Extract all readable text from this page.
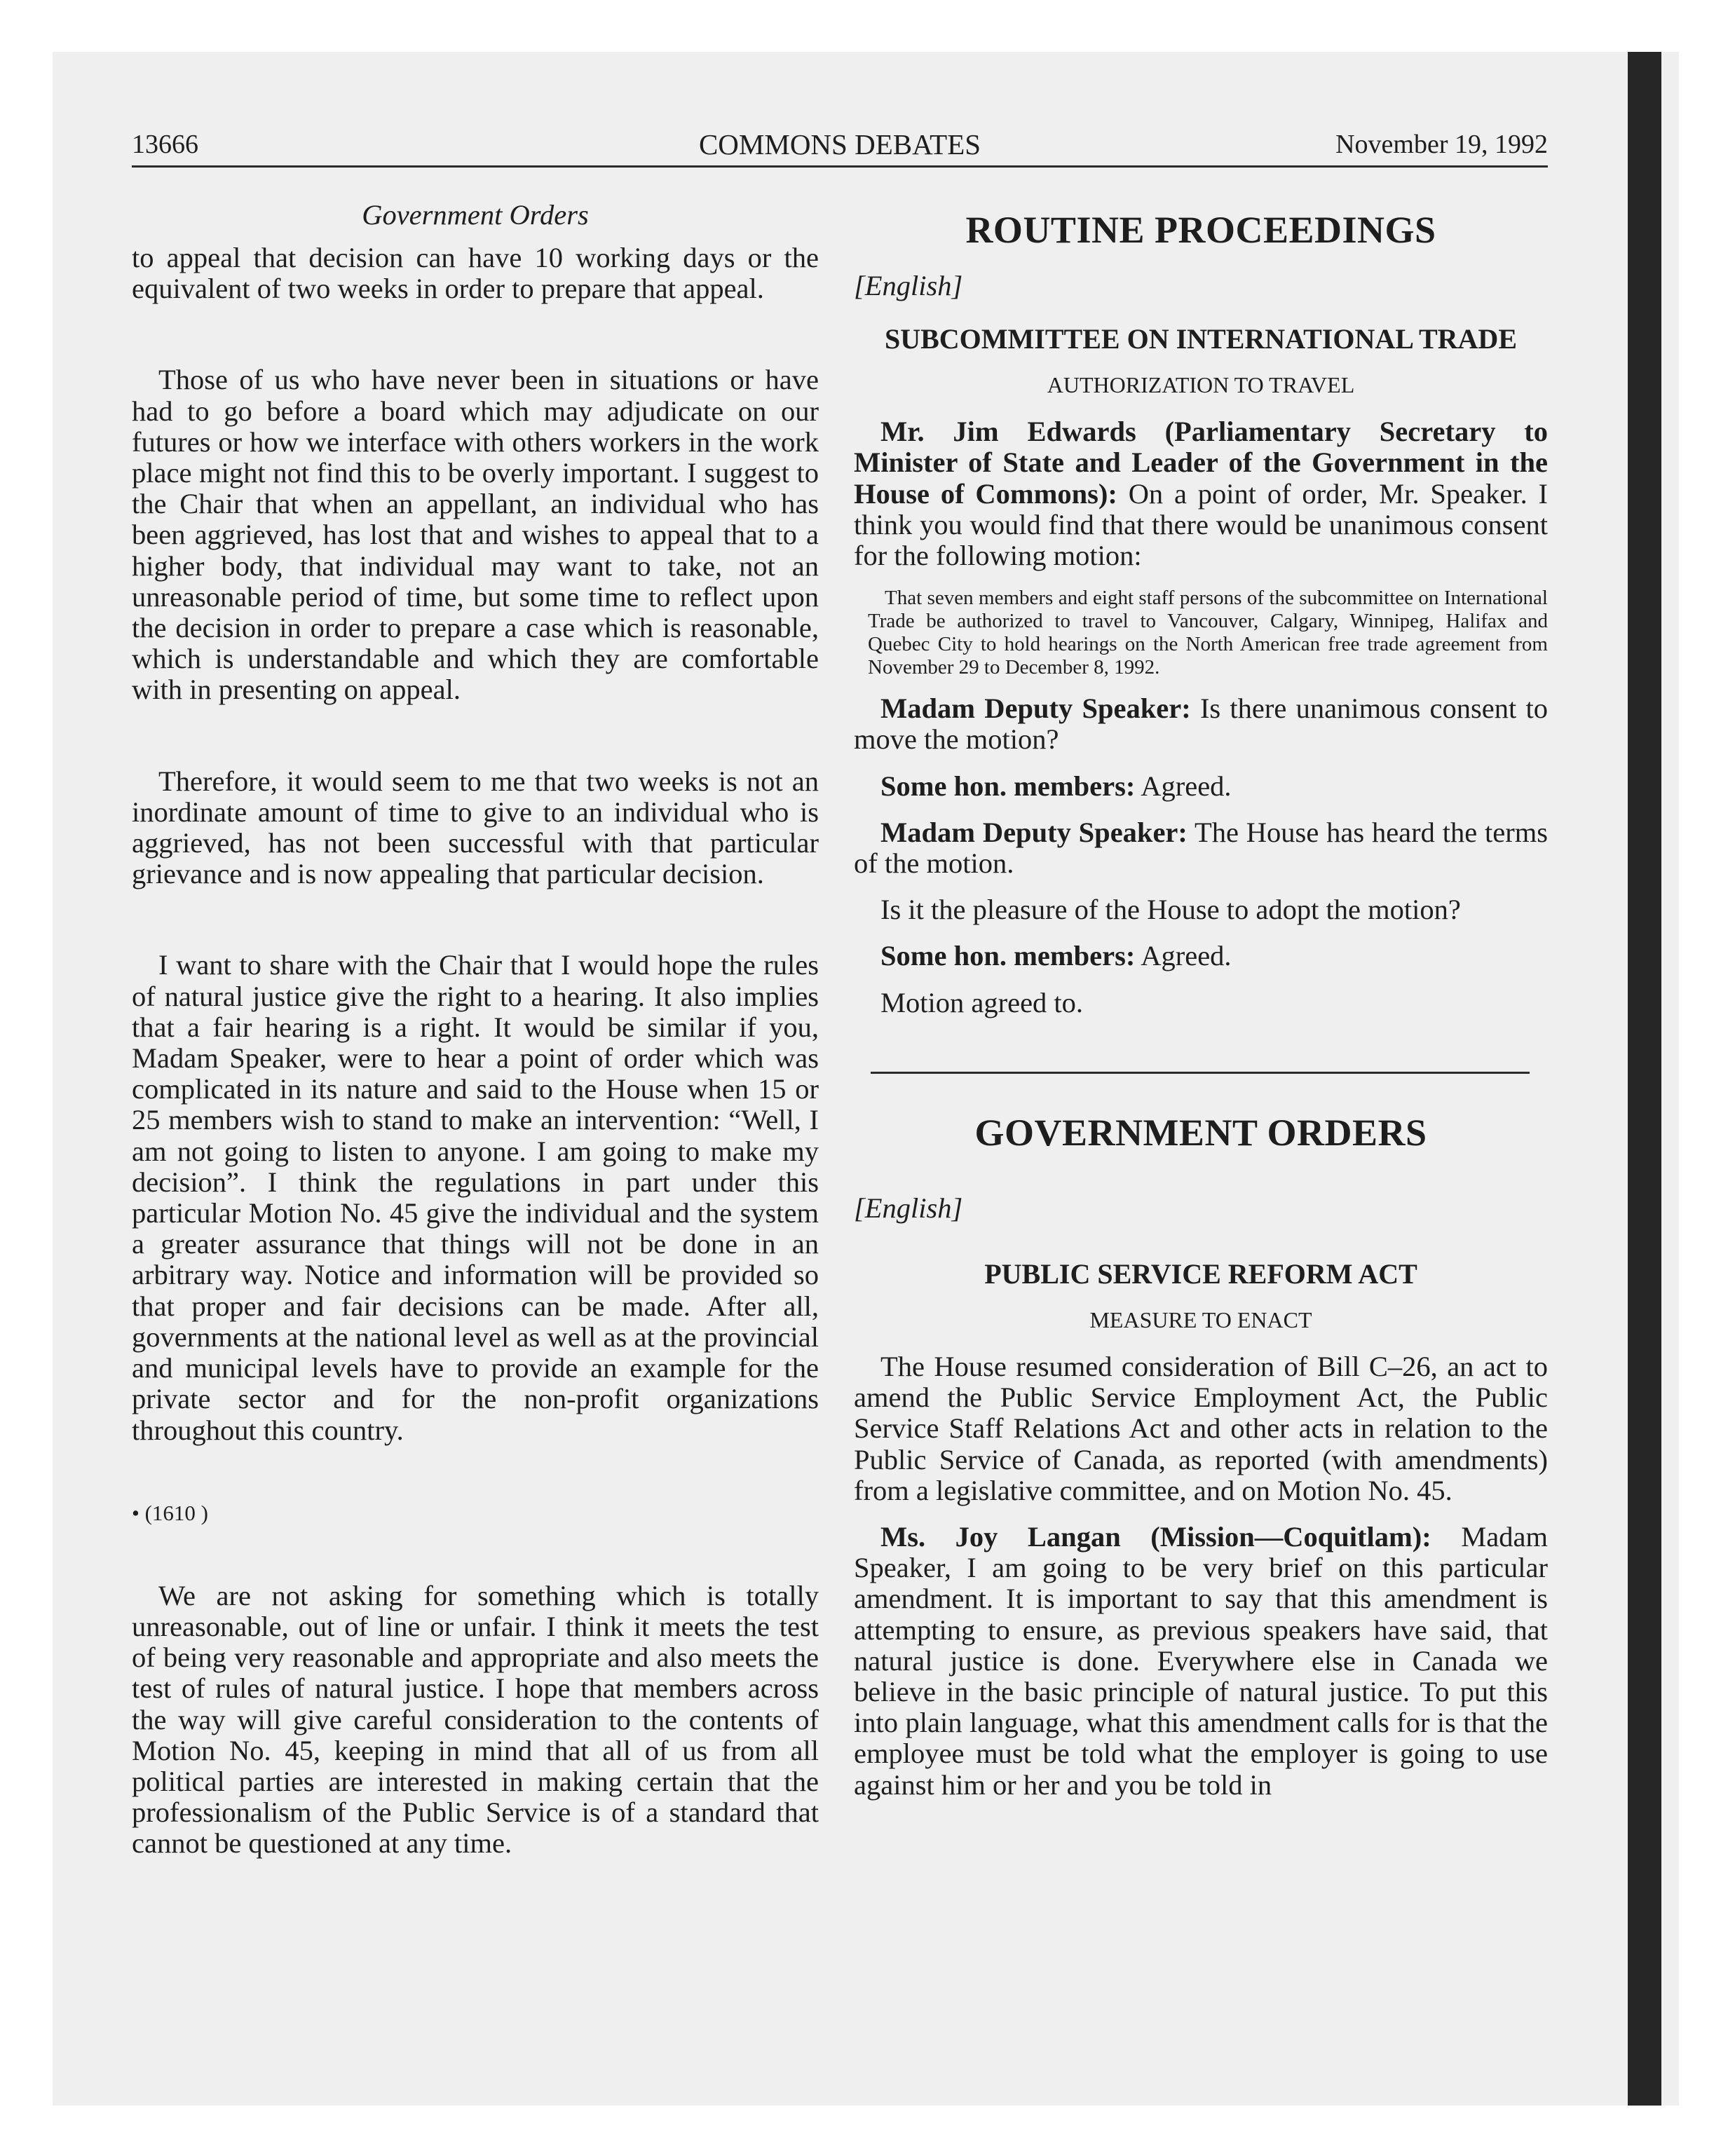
13666	COMMONS DEBATES	November 19, 1992
Government Orders

to appeal that decision can have 10 working days or the equivalent of two weeks in order to prepare that appeal.

Those of us who have never been in situations or have had to go before a board which may adjudicate on our futures or how we interface with others workers in the work place might not find this to be overly important. I suggest to the Chair that when an appellant, an individual who has been aggrieved, has lost that and wishes to appeal that to a higher body, that individual may want to take, not an unreasonable period of time, but some time to reflect upon the decision in order to prepare a case which is reasonable, which is understandable and which they are comfortable with in presenting on appeal.

Therefore, it would seem to me that two weeks is not an inordinate amount of time to give to an individual who is aggrieved, has not been successful with that particular grievance and is now appealing that particular decision.

I want to share with the Chair that I would hope the rules of natural justice give the right to a hearing. It also implies that a fair hearing is a right. It would be similar if you, Madam Speaker, were to hear a point of order which was complicated in its nature and said to the House when 15 or 25 members wish to stand to make an intervention: “Well, I am not going to listen to anyone. I am going to make my decision”. I think the regulations in part under this particular Motion No. 45 give the individual and the system a greater assurance that things will not be done in an arbitrary way. Notice and information will be provided so that proper and fair decisions can be made. After all, governments at the national level as well as at the provincial and municipal levels have to provide an example for the private sector and for the non-profit organizations throughout this country.

• (1610 )

We are not asking for something which is totally unreasonable, out of line or unfair. I think it meets the test of being very reasonable and appropriate and also meets the test of rules of natural justice. I hope that members across the way will give careful consideration to the contents of Motion No. 45, keeping in mind that all of us from all political parties are interested in making certain that the professionalism of the Public Service is of a standard that cannot be questioned at any time.

ROUTINE PROCEEDINGS
[English]
SUBCOMMITTEE ON INTERNATIONAL TRADE
AUTHORIZATION TO TRAVEL

Mr. Jim Edwards (Parliamentary Secretary to Minister of State and Leader of the Government in the House of Commons): On a point of order, Mr. Speaker. I think you would find that there would be unanimous consent for the following motion:

That seven members and eight staff persons of the subcommittee on International Trade be authorized to travel to Vancouver, Calgary, Winnipeg, Halifax and Quebec City to hold hearings on the North American free trade agreement from November 29 to December 8, 1992.

Madam Deputy Speaker: Is there unanimous consent to move the motion?

Some hon. members: Agreed.

Madam Deputy Speaker: The House has heard the terms of the motion.

Is it the pleasure of the House to adopt the motion?

Some hon. members: Agreed.

Motion agreed to.

GOVERNMENT ORDERS
[English]
PUBLIC SERVICE REFORM ACT
MEASURE TO ENACT

The House resumed consideration of Bill C–26, an act to amend the Public Service Employment Act, the Public Service Staff Relations Act and other acts in relation to the Public Service of Canada, as reported (with amendments) from a legislative committee, and on Motion No. 45.

Ms. Joy Langan (Mission—Coquitlam): Madam Speaker, I am going to be very brief on this particular amendment. It is important to say that this amendment is attempting to ensure, as previous speakers have said, that natural justice is done. Everywhere else in Canada we believe in the basic principle of natural justice. To put this into plain language, what this amendment calls for is that the employee must be told what the employer is going to use against him or her and you be told in
